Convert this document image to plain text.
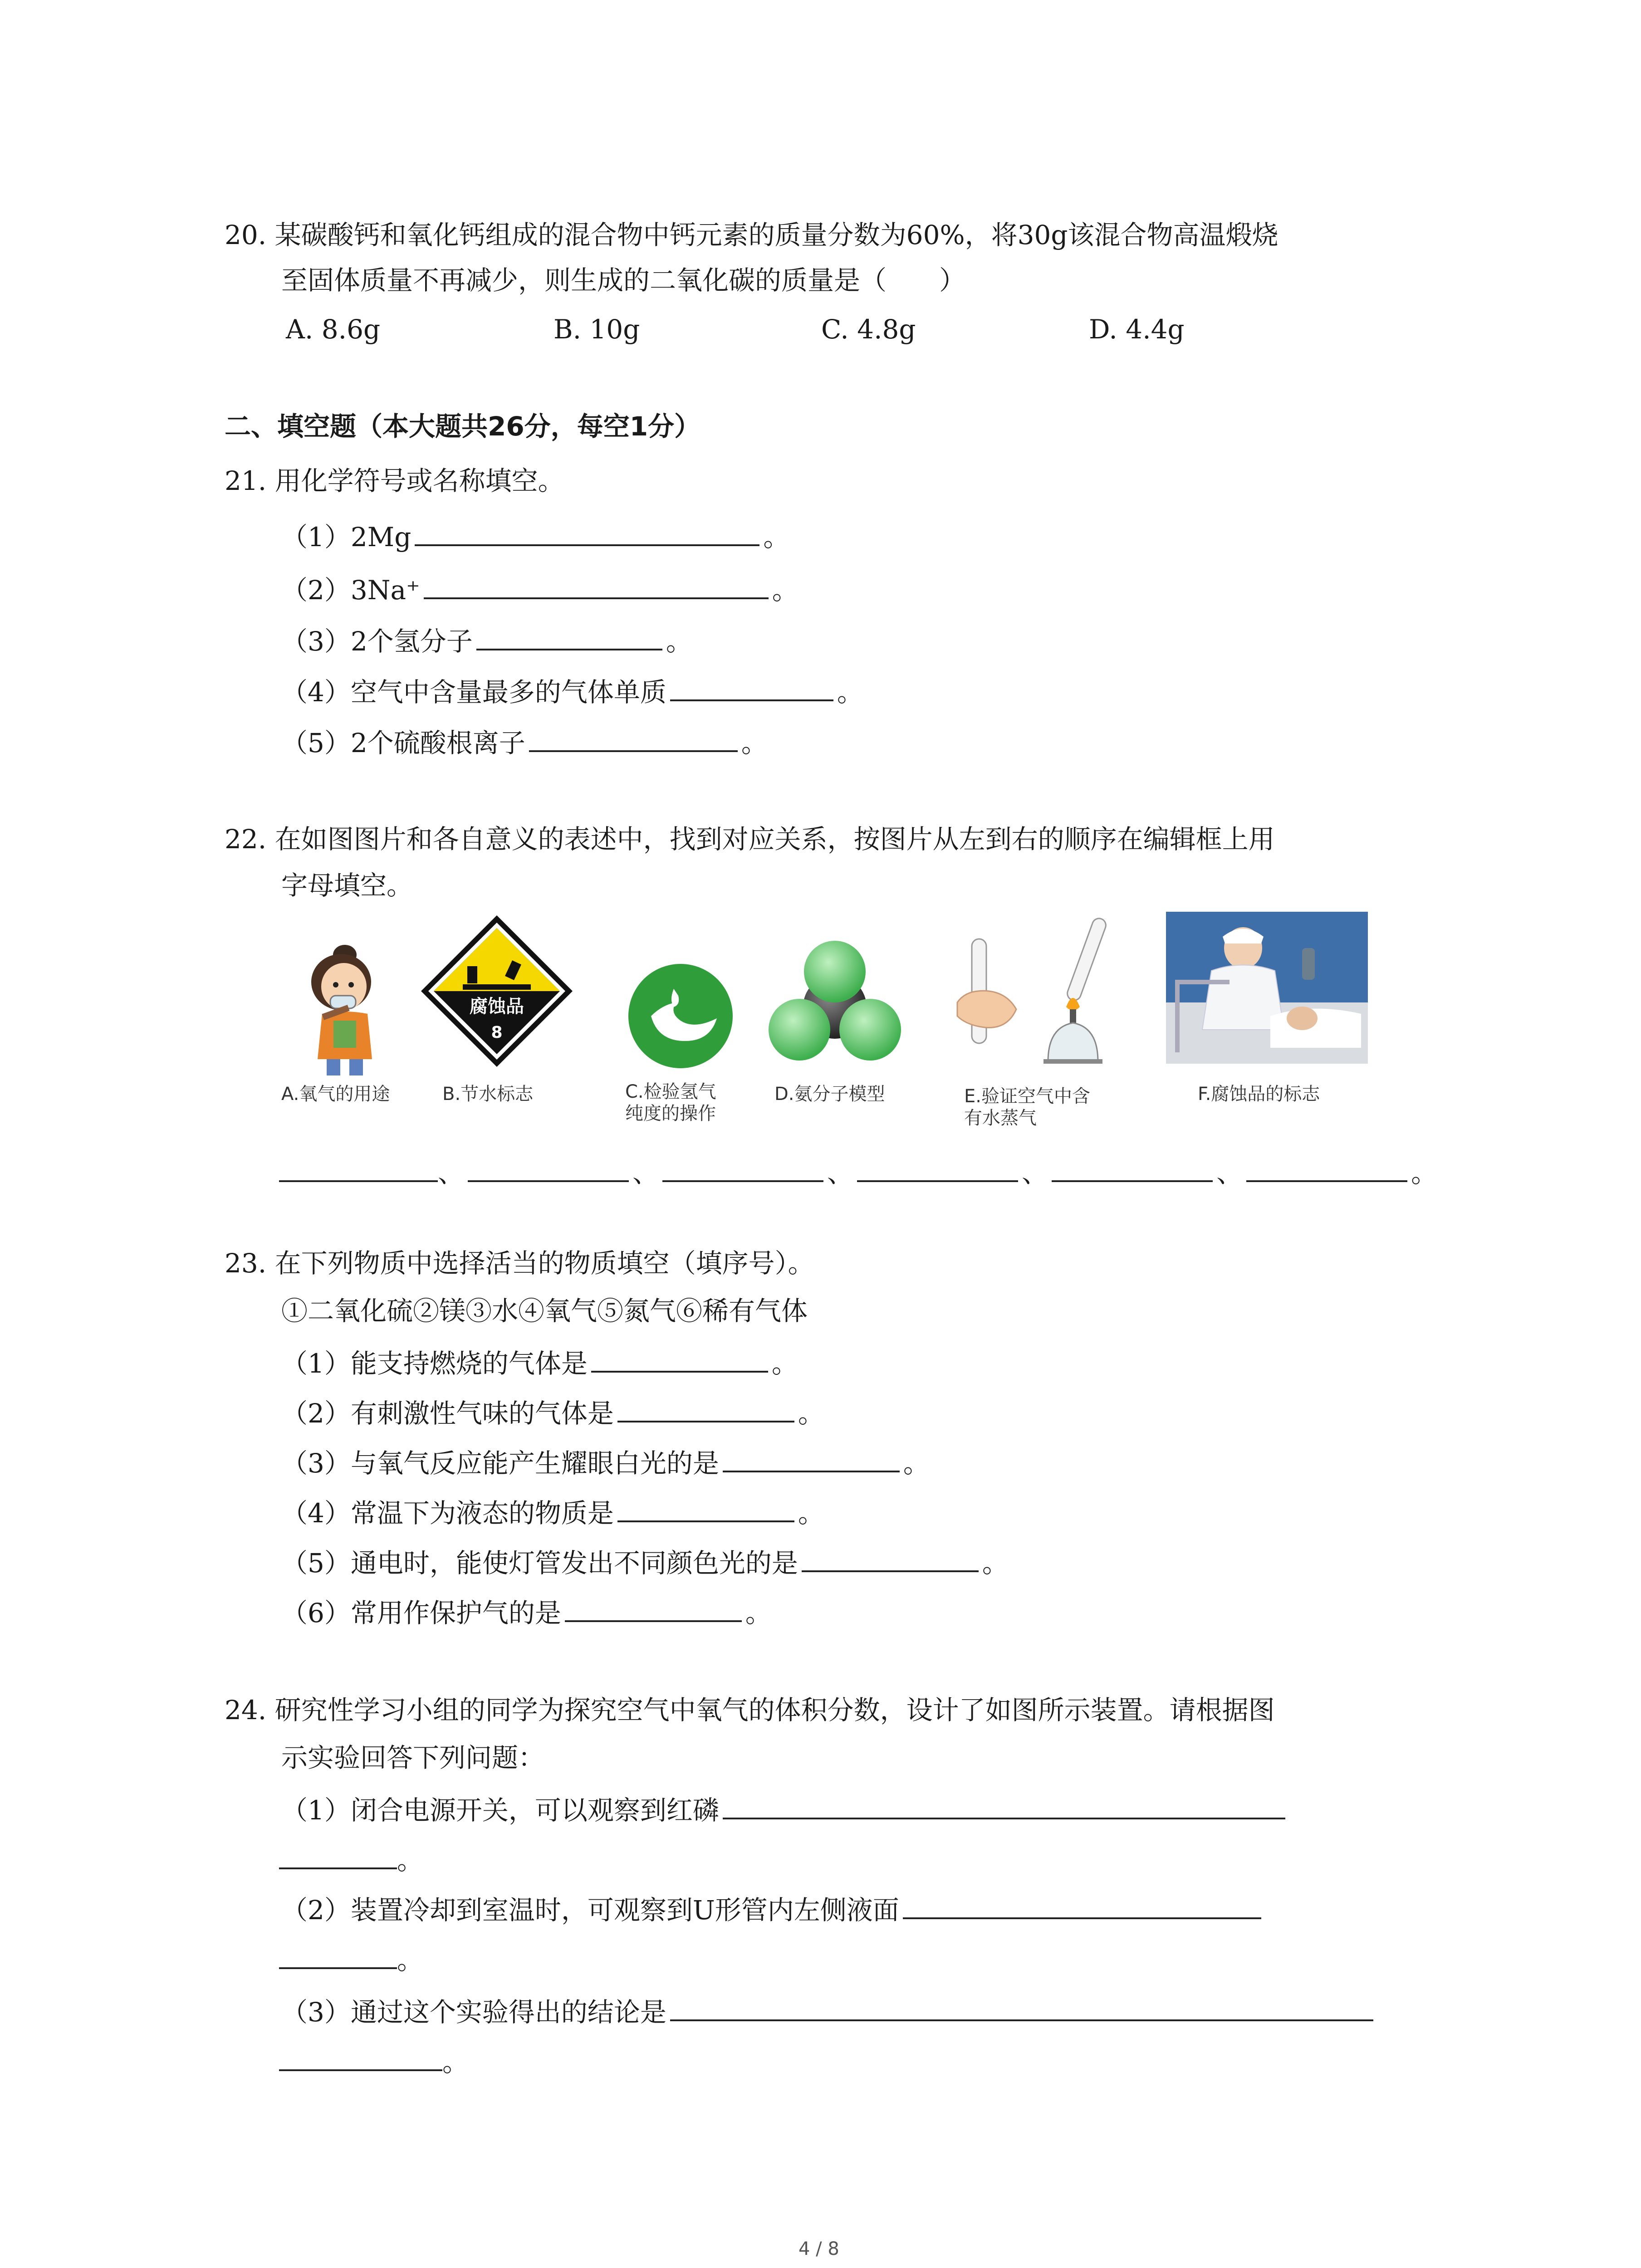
20. 某碳酸钙和氧化钙组成的混合物中钙元素的质量分数为60%，将30g该混合物高温煅烧
至固体质量不再减少，则生成的二氧化碳的质量是（　　）
A. 8.6g	B. 10g	C. 4.8g	D. 4.4g
二、填空题（本大题共26分，每空1分）
21. 用化学符号或名称填空。
（1）2Mg	。
（2）3Na⁺	。
（3）2个氢分子	。
（4）空气中含量最多的气体单质	。
（5）2个硫酸根离子	。
22. 在如图图片和各自意义的表述中，找到对应关系，按图片从左到右的顺序在编辑框上用
字母填空。
腐蚀品
8
A.氧气的用途	B.节水标志	C.检验氢气
纯度的操作
D.氨分子模型	E.验证空气中含
有水蒸气
F.腐蚀品的标志
、	、	、	、	、	。
23. 在下列物质中选择活当的物质填空（填序号）。
①二氧化硫②镁③水④氧气⑤氮气⑥稀有气体
（1）能支持燃烧的气体是	。
（2）有刺激性气味的气体是	。
（3）与氧气反应能产生耀眼白光的是	。
（4）常温下为液态的物质是	。
（5）通电时，能使灯管发出不同颜色光的是	。
（6）常用作保护气的是	。
24. 研究性学习小组的同学为探究空气中氧气的体积分数，设计了如图所示装置。请根据图
示实验回答下列问题：
（1）闭合电源开关，可以观察到红磷
。
（2）装置冷却到室温时，可观察到U形管内左侧液面
。
（3）通过这个实验得出的结论是
。
4 / 8
